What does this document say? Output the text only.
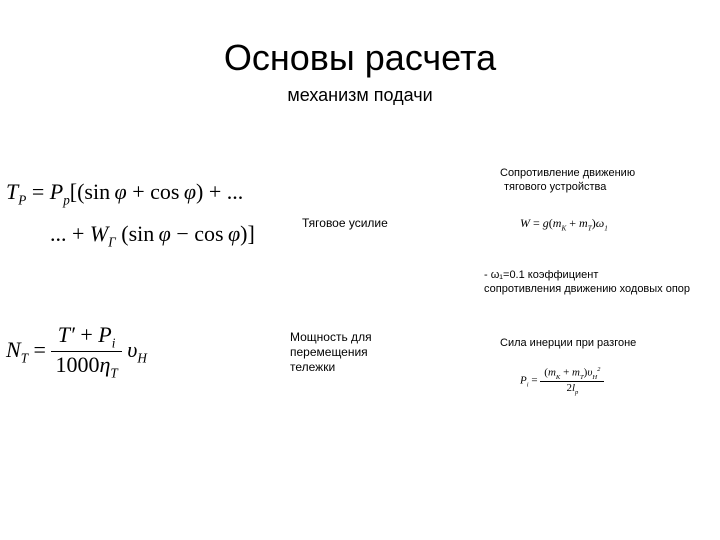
Основы расчета
механизм подачи
$T_P = P_p[(\sin$ φ + cos φ) + ...
... + $W_Г$ (sin φ − cos φ)]	Тяговое усилие
Сопротивление движению
тягового устройства
$W = g(m_K + m_T)\omega_1$
- ω₁=0.1 коэффициент
сопротивления движению ходовых опор
$N_T = \frac{T' + P_i}{1000\eta_T} \upsilon_H$
Мощность для
перемещения
тележки
Сила инерции при разгоне
$P_i = \frac{(m_K + m_T)\upsilon_H^2}{2l_p}$
